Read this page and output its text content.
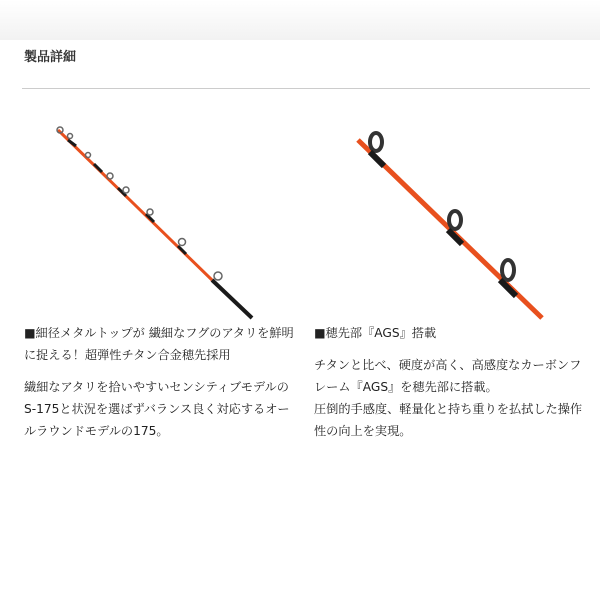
製品詳細

■細径メタルトップが 繊細なフグのアタリを鮮明に捉える！超弾性チタン合金穂先採用

繊細なアタリを拾いやすいセンシティブモデルのS-175と状況を選ばずバランス良く対応するオールラウンドモデルの175。

■穂先部『AGS』搭載

チタンと比べ、硬度が高く、高感度なカーボンフレーム『AGS』を穂先部に搭載。
圧倒的手感度、軽量化と持ち重りを払拭した操作性の向上を実現。
